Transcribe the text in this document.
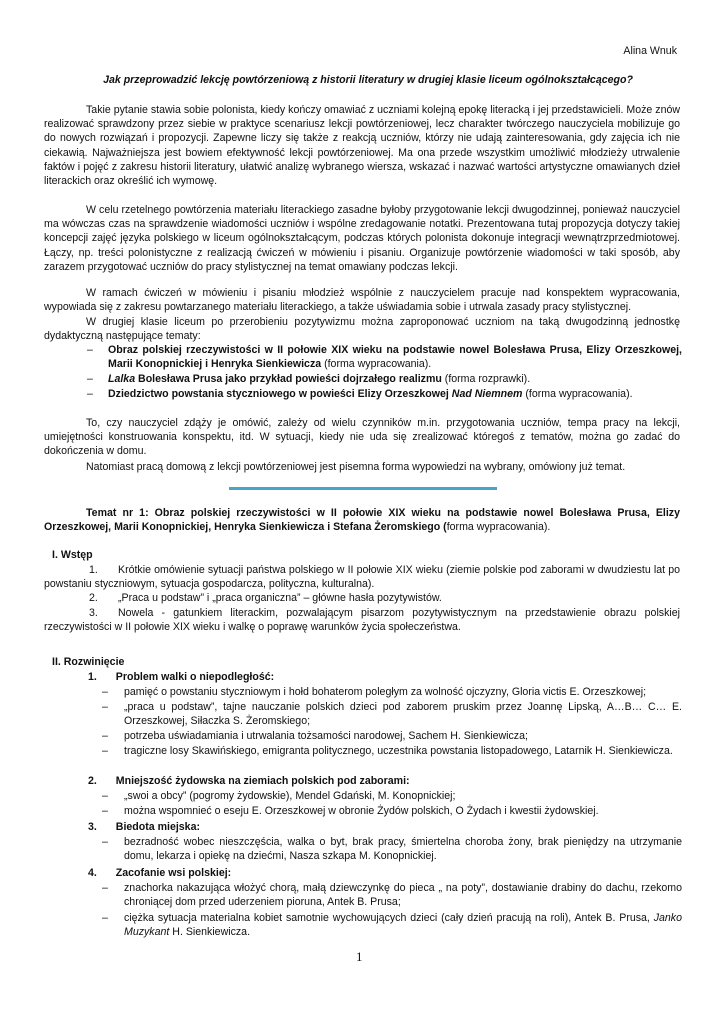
Alina Wnuk
Jak przeprowadzić lekcję powtórzeniową z historii literatury w drugiej klasie liceum ogólnokształcącego?
Takie pytanie stawia sobie polonista, kiedy kończy omawiać z uczniami kolejną epokę literacką i jej przedstawicieli. Może znów realizować sprawdzony przez siebie w praktyce scenariusz lekcji powtórzeniowej, lecz charakter twórczego nauczyciela mobilizuje go do nowych rozwiązań i propozycji. Zapewne liczy się także z reakcją uczniów, którzy nie udają zainteresowania, gdy zajęcia ich nie ciekawią. Najważniejsza jest bowiem efektywność lekcji powtórzeniowej. Ma ona przede wszystkim umożliwić młodzieży utrwalenie faktów i pojęć z zakresu historii literatury, ułatwić analizę wybranego wiersza, wskazać i nazwać wartości artystyczne omawianych dzieł literackich oraz określić ich wymowę.
W celu rzetelnego powtórzenia materiału literackiego zasadne byłoby przygotowanie lekcji dwugodzinnej, ponieważ nauczyciel ma wówczas czas na sprawdzenie wiadomości uczniów i wspólne zredagowanie notatki. Prezentowana tutaj propozycja dotyczy takiej koncepcji zajęć języka polskiego w liceum ogólnokształcącym, podczas których polonista dokonuje integracji wewnątrzprzedmiotowej. Łączy, np. treści polonistyczne z realizacją ćwiczeń w mówieniu i pisaniu. Organizuje powtórzenie wiadomości w taki sposób, aby zarazem przygotować uczniów do pracy stylistycznej na temat omawiany podczas lekcji.
W ramach ćwiczeń w mówieniu i pisaniu młodzież wspólnie z nauczycielem pracuje nad konspektem wypracowania, wypowiada się z zakresu powtarzanego materiału literackiego, a także uświadamia sobie i utrwala zasady pracy stylistycznej.
W drugiej klasie liceum po przerobieniu pozytywizmu można zaproponować uczniom na taką dwugodzinną jednostkę dydaktyczną następujące tematy:
– Obraz polskiej rzeczywistości w II połowie XIX wieku na podstawie nowel Bolesława Prusa, Elizy Orzeszkowej, Marii Konopnickiej i Henryka Sienkiewicza (forma wypracowania).
– Lalka Bolesława Prusa jako przykład powieści dojrzałego realizmu (forma rozprawki).
– Dziedzictwo powstania styczniowego w powieści Elizy Orzeszkowej Nad Niemnem (forma wypracowania).
To, czy nauczyciel zdąży je omówić, zależy od wielu czynników m.in. przygotowania uczniów, tempa pracy na lekcji, umiejętności konstruowania konspektu, itd. W sytuacji, kiedy nie uda się zrealizować któregoś z tematów, można go zadać do dokończenia w domu.
Natomiast pracą domową z lekcji powtórzeniowej jest pisemna forma wypowiedzi na wybrany, omówiony już temat.
Temat nr 1: Obraz polskiej rzeczywistości w II połowie XIX wieku na podstawie nowel Bolesława Prusa, Elizy Orzeszkowej, Marii Konopnickiej, Henryka Sienkiewicza i Stefana Żeromskiego (forma wypracowania).
I. Wstęp
1. Krótkie omówienie sytuacji państwa polskiego w II połowie XIX wieku (ziemie polskie pod zaborami w dwudziestu lat po powstaniu styczniowym, sytuacja gospodarcza, polityczna, kulturalna).
2. „Praca u podstaw” i „praca organiczna” – główne hasła pozytywistów.
3. Nowela - gatunkiem literackim, pozwalającym pisarzom pozytywistycznym na przedstawienie obrazu polskiej rzeczywistości w II połowie XIX wieku i walkę o poprawę warunków życia społeczeństwa.
II. Rozwinięcie
1. Problem walki o niepodległość:
– pamięć o powstaniu styczniowym i hołd bohaterom poległym za wolność ojczyzny, Gloria victis E. Orzeszkowej;
– „praca u podstaw”, tajne nauczanie polskich dzieci pod zaborem pruskim przez Joannę Lipską, A…B… C… E. Orzeszkowej, Siłaczka S. Żeromskiego;
– potrzeba uświadamiania i utrwalania tożsamości narodowej, Sachem H. Sienkiewicza;
– tragiczne losy Skawińskiego, emigranta politycznego, uczestnika powstania listopadowego, Latarnik H. Sienkiewicza.
2. Mniejszość żydowska na ziemiach polskich pod zaborami:
– „swoi a obcy” (pogromy żydowskie), Mendel Gdański, M. Konopnickiej;
– można wspomnieć o eseju E. Orzeszkowej w obronie Żydów polskich, O Żydach i kwestii żydowskiej.
3. Biedota miejska:
– bezradność wobec nieszczęścia, walka o byt, brak pracy, śmiertelna choroba żony, brak pieniędzy na utrzymanie domu, lekarza i opiekę na dziećmi, Nasza szkapa M. Konopnickiej.
4. Zacofanie wsi polskiej:
– znachorka nakazująca włożyć chorą, małą dziewczynkę do pieca „ na poty”, dostawianie drabiny do dachu, rzekomo chroniącej dom przed uderzeniem pioruna, Antek B. Prusa;
– ciężka sytuacja materialna kobiet samotnie wychowujących dzieci (cały dzień pracują na roli), Antek B. Prusa, Janko Muzykant H. Sienkiewicza.
1
